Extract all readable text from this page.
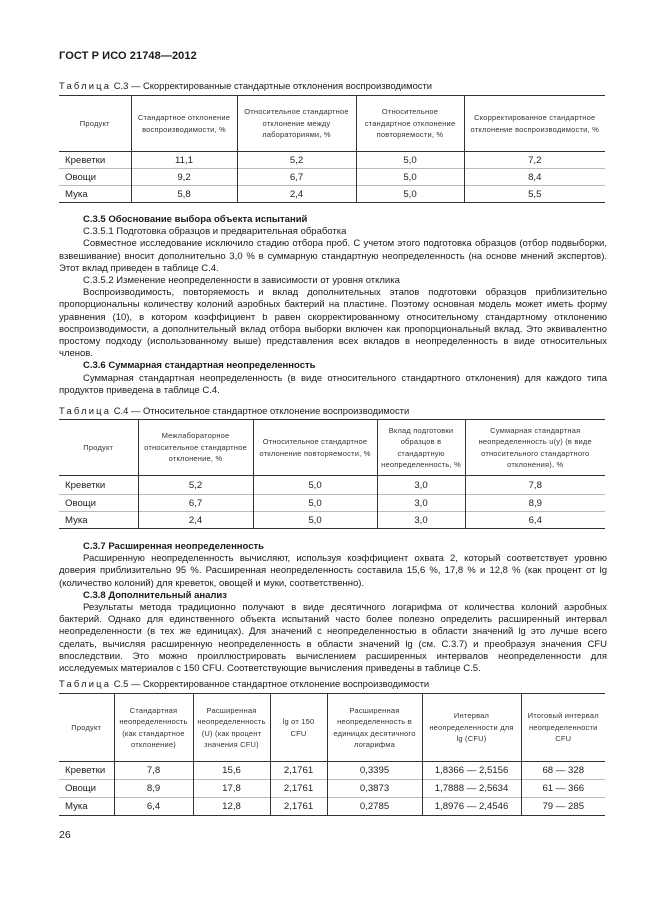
ГОСТ Р ИСО 21748—2012
Таблица С.3 — Скорректированные стандартные отклонения воспроизводимости
Продукт	Стандартное отклонение воспроизводимости, %	Относительное стандартное отклонение между лабораториями, %	Относительное стандартное отклонение повторяемости, %	Скорректированное стандартное отклонение воспроизводимости, %
Креветки	11,1	5,2	5,0	7,2
Овощи	9,2	6,7	5,0	8,4
Мука	5,8	2,4	5,0	5,5

С.3.5 Обоснование выбора объекта испытаний

С.3.5.1 Подготовка образцов и предварительная обработка

Совместное исследование исключило стадию отбора проб. С учетом этого подготовка образцов (отбор подвыборки, взвешивание) вносит дополнительно 3,0 % в суммарную стандартную неопределенность (на основе мнений экспертов). Этот вклад приведен в таблице С.4.

С.3.5.2 Изменение неопределенности в зависимости от уровня отклика

Воспроизводимость, повторяемость и вклад дополнительных этапов подготовки образцов приблизительно пропорциональны количеству колоний аэробных бактерий на пластине. Поэтому основная модель может иметь форму уравнения (10), в котором коэффициент b равен скорректированному относительному стандартному отклонению воспроизводимости, а дополнительный вклад отбора выборки включен как пропорциональный вклад. Это эквивалентно простому подходу (использованному выше) представления всех вкладов в неопределенность в виде относительных членов.

С.3.6 Суммарная стандартная неопределенность

Суммарная стандартная неопределенность (в виде относительного стандартного отклонения) для каждого типа продуктов приведена в таблице С.4.

Таблица С.4 — Относительное стандартное отклонение воспроизводимости
Продукт	Межлабораторное относительное стандартное отклонение, %	Относительное стандартное отклонение повторяемости, %	Вклад подготовки образцов в стандартную неопределенность, %	Суммарная стандартная неопределенность u(y) (в виде относительного стандартного отклонения), %
Креветки	5,2	5,0	3,0	7,8
Овощи	6,7	5,0	3,0	8,9
Мука	2,4	5,0	3,0	6,4

С.3.7 Расширенная неопределенность

Расширенную неопределенность вычисляют, используя коэффициент охвата 2, который соответствует уровню доверия приблизительно 95 %. Расширенная неопределенность составила 15,6 %, 17,8 % и 12,8 % (как процент от lg (количество колоний) для креветок, овощей и муки, соответственно).

С.3.8 Дополнительный анализ

Результаты метода традиционно получают в виде десятичного логарифма от количества колоний аэробных бактерий. Однако для единственного объекта испытаний часто более полезно определить расширенный интервал неопределенности (в тех же единицах). Для значений с неопределенностью в области значений lg это лучше всего сделать, вычисляя расширенную неопределенность в области значений lg (см. С.3.7) и преобразуя значения CFU впоследствии. Это можно проиллюстрировать вычислением расширенных интервалов неопределенности для исследуемых материалов с 150 CFU. Соответствующие вычисления приведены в таблице С.5.

Таблица С.5 — Скорректированное стандартное отклонение воспроизводимости
Продукт	Стандартная неопределенность (как стандартное отклонение)	Расширенная неопределенность (U) (как процент значения CFU)	lg от 150 CFU	Расширенная неопределенность в единицах десятичного логарифма	Интервал неопределенности для lg (CFU)	Итоговый интервал неопределенности CFU
Креветки	7,8	15,6	2,1761	0,3395	1,8366 — 2,5156	68 — 328
Овощи	8,9	17,8	2,1761	0,3873	1,7888 — 2,5634	61 — 366
Мука	6,4	12,8	2,1761	0,2785	1,8976 — 2,4546	79 — 285
26
